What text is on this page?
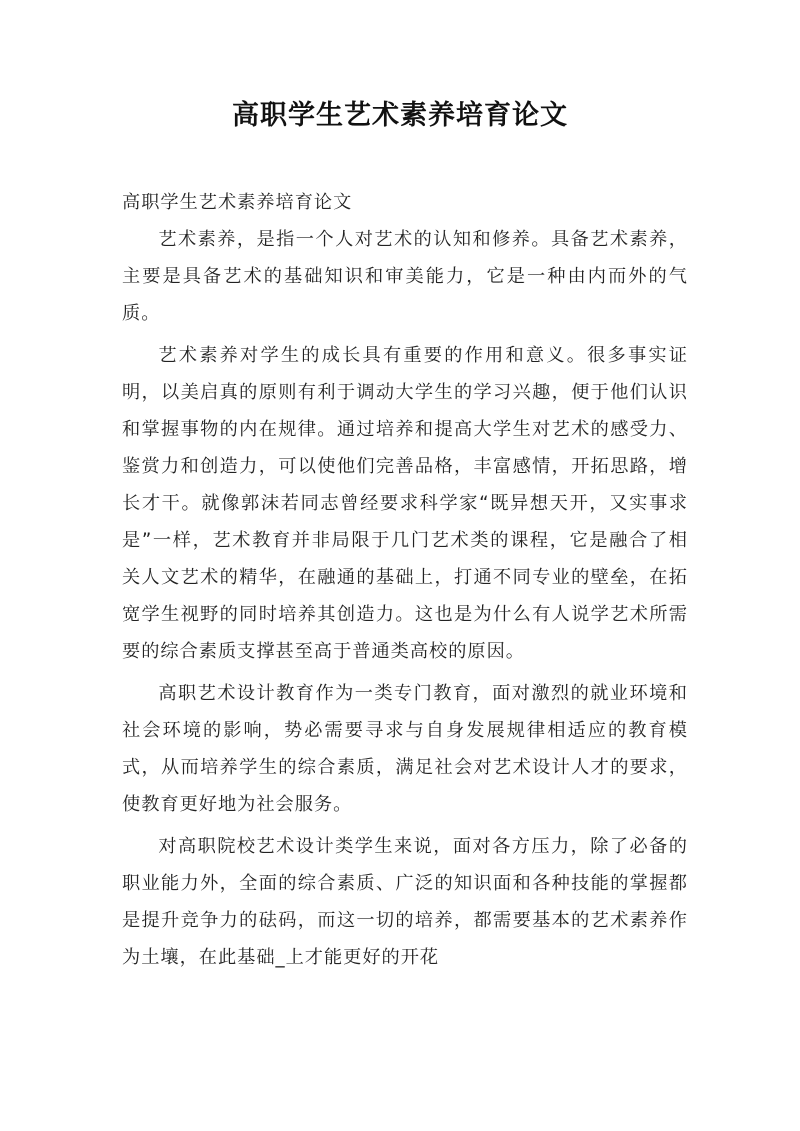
高职学生艺术素养培育论文

高职学生艺术素养培育论文

艺术素养，是指一个人对艺术的认知和修养。具备艺术素养，主要是具备艺术的基础知识和审美能力，它是一种由内而外的气质。

艺术素养对学生的成长具有重要的作用和意义。很多事实证明，以美启真的原则有利于调动大学生的学习兴趣，便于他们认识和掌握事物的内在规律。通过培养和提高大学生对艺术的感受力、鉴赏力和创造力，可以使他们完善品格，丰富感情，开拓思路，增长才干。就像郭沫若同志曾经要求科学家“既异想天开，又实事求是”一样，艺术教育并非局限于几门艺术类的课程，它是融合了相关人文艺术的精华，在融通的基础上，打通不同专业的壁垒，在拓宽学生视野的同时培养其创造力。这也是为什么有人说学艺术所需要的综合素质支撑甚至高于普通类高校的原因。

高职艺术设计教育作为一类专门教育，面对激烈的就业环境和社会环境的影响，势必需要寻求与自身发展规律相适应的教育模式，从而培养学生的综合素质，满足社会对艺术设计人才的要求，使教育更好地为社会服务。

对高职院校艺术设计类学生来说，面对各方压力，除了必备的职业能力外，全面的综合素质、广泛的知识面和各种技能的掌握都是提升竞争力的砝码，而这一切的培养，都需要基本的艺术素养作为土壤，在此基础_上才能更好的开花
